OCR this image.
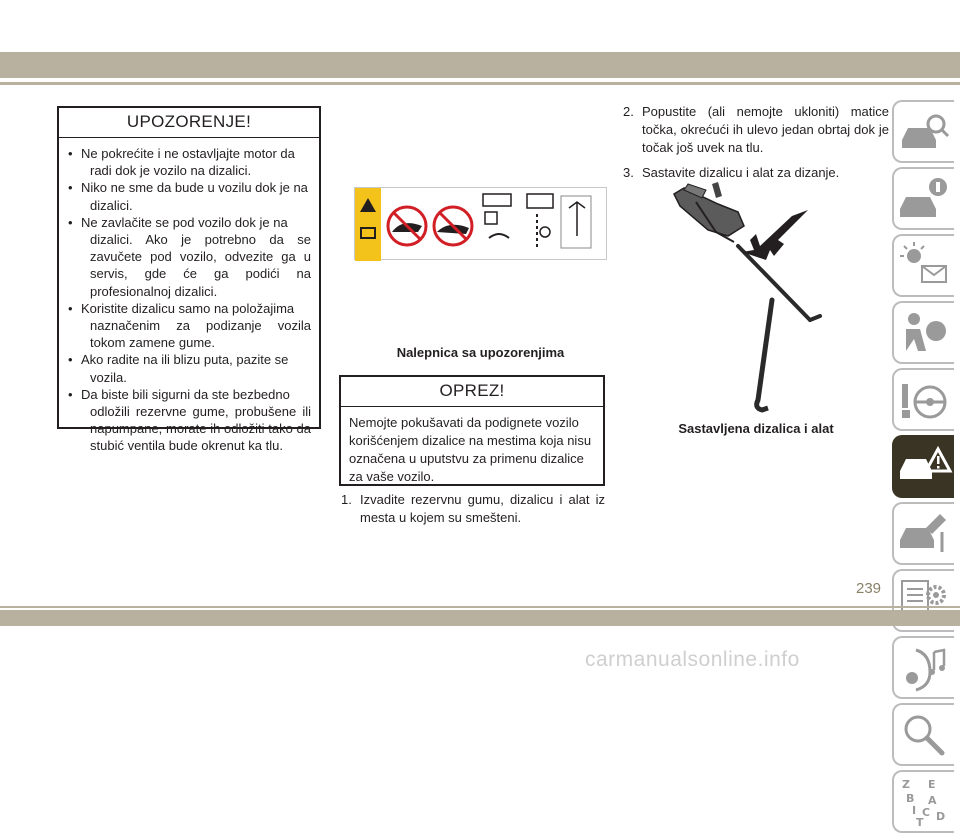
UPOZORENJE!
• Ne pokrećite i ne ostavljajte motor da
radi dok je vozilo na dizalici.
• Niko ne sme da bude u vozilu dok je na
dizalici.
• Ne zavlačite se pod vozilo dok je na
dizalici. Ako je potrebno da se zavučete pod vozilo, odvezite ga u servis, gde će ga podići na profesionalnoj dizalici.
• Koristite dizalicu samo na položajima
naznačenim za podizanje vozila tokom zamene gume.
• Ako radite na ili blizu puta, pazite se
vozila.
• Da biste bili sigurni da ste bezbedno
odložili rezervne gume, probušene ili napumpane, morate ih odložiti tako da stubić ventila bude okrenut ka tlu.
Nalepnica sa upozorenjima
OPREZ!
Nemojte pokušavati da podignete vozilo korišćenjem dizalice na mestima koja nisu označena u uputstvu za primenu dizalice za vaše vozilo.
1. Izvadite rezervnu gumu, dizalicu i alat iz mesta u kojem su smešteni.
2. Popustite (ali nemojte ukloniti) matice točka, okrećući ih ulevo jedan obrtaj dok je točak još uvek na tlu.
3. Sastavite dizalicu i alat za dizanje.
Sastavljena dizalica i alat
Z E
B A
I C
T D
239
carmanualsonline.info
